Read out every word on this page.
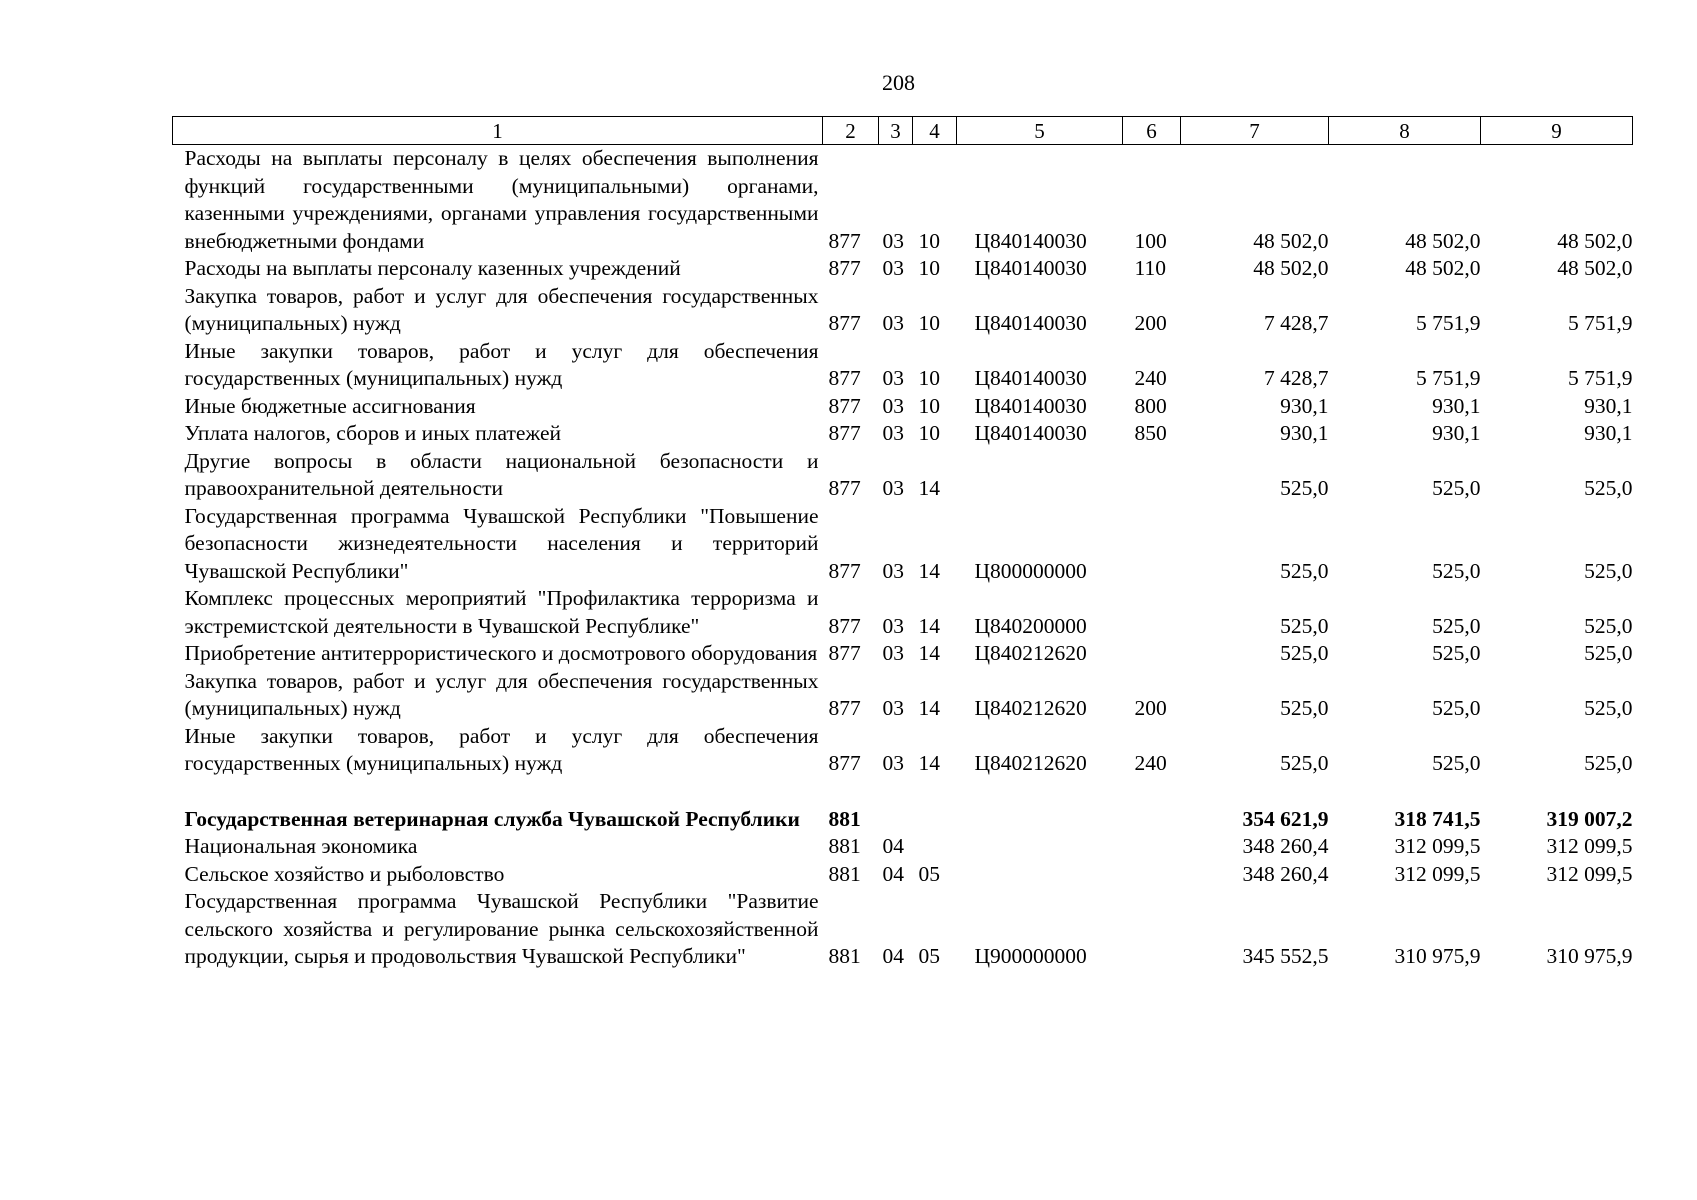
208
1	2	3	4	5	6	7	8	9
Расходы на выплаты персоналу в целях обеспечения выполнения функций государственными (муниципальными) органами, казенными учреждениями, органами управления государственными внебюджетными фондами	877	03	10	Ц840140030	100	48 502,0	48 502,0	48 502,0
Расходы на выплаты персоналу казенных учреждений	877	03	10	Ц840140030	110	48 502,0	48 502,0	48 502,0
Закупка товаров, работ и услуг для обеспечения государственных (муниципальных) нужд	877	03	10	Ц840140030	200	7 428,7	5 751,9	5 751,9
Иные закупки товаров, работ и услуг для обеспечения государственных (муниципальных) нужд	877	03	10	Ц840140030	240	7 428,7	5 751,9	5 751,9
Иные бюджетные ассигнования	877	03	10	Ц840140030	800	930,1	930,1	930,1
Уплата налогов, сборов и иных платежей	877	03	10	Ц840140030	850	930,1	930,1	930,1
Другие вопросы в области национальной безопасности и правоохранительной деятельности	877	03	14			525,0	525,0	525,0
Государственная программа Чувашской Республики "Повышение безопасности жизнедеятельности населения и территорий Чувашской Республики"	877	03	14	Ц800000000		525,0	525,0	525,0
Комплекс процессных мероприятий "Профилактика терроризма и экстремистской деятельности в Чувашской Республике"	877	03	14	Ц840200000		525,0	525,0	525,0
Приобретение антитеррористического и досмотрового оборудования	877	03	14	Ц840212620		525,0	525,0	525,0
Закупка товаров, работ и услуг для обеспечения государственных (муниципальных) нужд	877	03	14	Ц840212620	200	525,0	525,0	525,0
Иные закупки товаров, работ и услуг для обеспечения государственных (муниципальных) нужд	877	03	14	Ц840212620	240	525,0	525,0	525,0

Государственная ветеринарная служба Чувашской Республики	881					354 621,9	318 741,5	319 007,2
Национальная экономика	881	04				348 260,4	312 099,5	312 099,5
Сельское хозяйство и рыболовство	881	04	05			348 260,4	312 099,5	312 099,5
Государственная программа Чувашской Республики "Развитие сельского хозяйства и регулирование рынка сельскохозяйственной продукции, сырья и продовольствия Чувашской Республики"	881	04	05	Ц900000000		345 552,5	310 975,9	310 975,9
